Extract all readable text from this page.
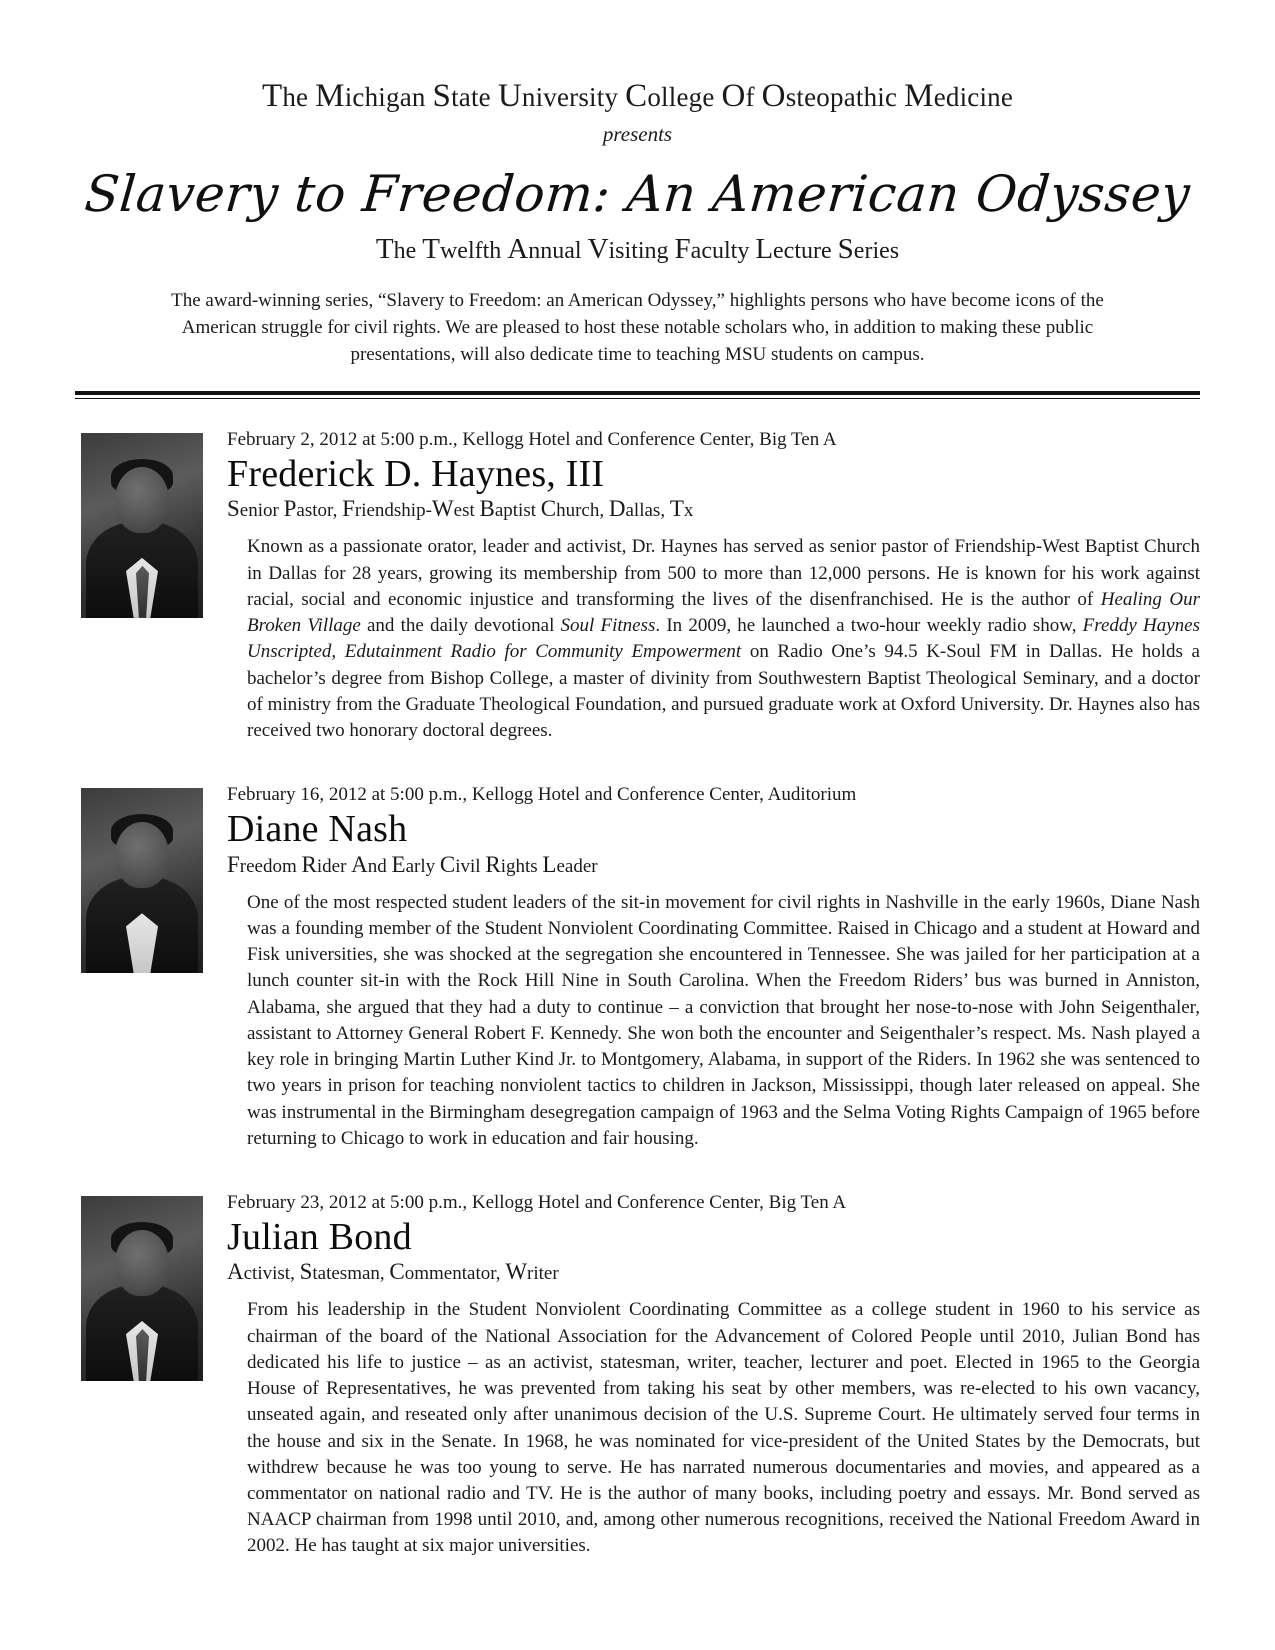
The Michigan State University College Of Osteopathic Medicine
presents
Slavery to Freedom: An American Odyssey
The Twelfth Annual Visiting Faculty Lecture Series
The award-winning series, “Slavery to Freedom: an American Odyssey,” highlights persons who have become icons of the American struggle for civil rights. We are pleased to host these notable scholars who, in addition to making these public presentations, will also dedicate time to teaching MSU students on campus.
February 2, 2012 at 5:00 p.m., Kellogg Hotel and Conference Center, Big Ten A
Frederick D. Haynes, III
Senior Pastor, Friendship-West Baptist Church, Dallas, Tx
Known as a passionate orator, leader and activist, Dr. Haynes has served as senior pastor of Friendship-West Baptist Church in Dallas for 28 years, growing its membership from 500 to more than 12,000 persons. He is known for his work against racial, social and economic injustice and transforming the lives of the disenfranchised. He is the author of Healing Our Broken Village and the daily devotional Soul Fitness. In 2009, he launched a two-hour weekly radio show, Freddy Haynes Unscripted, Edutainment Radio for Community Empowerment on Radio One’s 94.5 K-Soul FM in Dallas. He holds a bachelor’s degree from Bishop College, a master of divinity from Southwestern Baptist Theological Seminary, and a doctor of ministry from the Graduate Theological Foundation, and pursued graduate work at Oxford University. Dr. Haynes also has received two honorary doctoral degrees.
February 16, 2012 at 5:00 p.m., Kellogg Hotel and Conference Center, Auditorium
Diane Nash
Freedom Rider And Early Civil Rights Leader
One of the most respected student leaders of the sit-in movement for civil rights in Nashville in the early 1960s, Diane Nash was a founding member of the Student Nonviolent Coordinating Committee. Raised in Chicago and a student at Howard and Fisk universities, she was shocked at the segregation she encountered in Tennessee. She was jailed for her participation at a lunch counter sit-in with the Rock Hill Nine in South Carolina. When the Freedom Riders’ bus was burned in Anniston, Alabama, she argued that they had a duty to continue – a conviction that brought her nose-to-nose with John Seigenthaler, assistant to Attorney General Robert F. Kennedy. She won both the encounter and Seigenthaler’s respect. Ms. Nash played a key role in bringing Martin Luther Kind Jr. to Montgomery, Alabama, in support of the Riders. In 1962 she was sentenced to two years in prison for teaching nonviolent tactics to children in Jackson, Mississippi, though later released on appeal. She was instrumental in the Birmingham desegregation campaign of 1963 and the Selma Voting Rights Campaign of 1965 before returning to Chicago to work in education and fair housing.
February 23, 2012 at 5:00 p.m., Kellogg Hotel and Conference Center, Big Ten A
Julian Bond
Activist, Statesman, Commentator, Writer
From his leadership in the Student Nonviolent Coordinating Committee as a college student in 1960 to his service as chairman of the board of the National Association for the Advancement of Colored People until 2010, Julian Bond has dedicated his life to justice – as an activist, statesman, writer, teacher, lecturer and poet. Elected in 1965 to the Georgia House of Representatives, he was prevented from taking his seat by other members, was re-elected to his own vacancy, unseated again, and reseated only after unanimous decision of the U.S. Supreme Court. He ultimately served four terms in the house and six in the Senate. In 1968, he was nominated for vice-president of the United States by the Democrats, but withdrew because he was too young to serve. He has narrated numerous documentaries and movies, and appeared as a commentator on national radio and TV. He is the author of many books, including poetry and essays. Mr. Bond served as NAACP chairman from 1998 until 2010, and, among other numerous recognitions, received the National Freedom Award in 2002. He has taught at six major universities.
